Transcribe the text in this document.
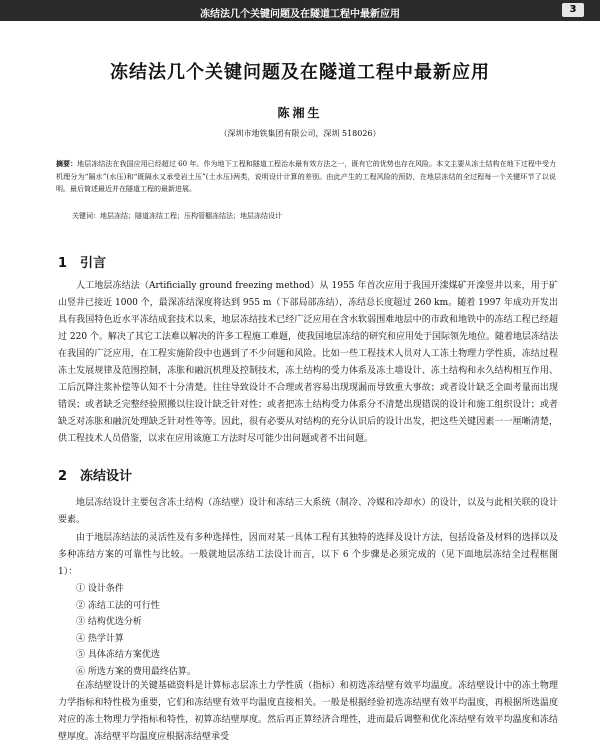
冻结法几个关键问题及在隧道工程中最新应用	3
冻结法几个关键问题及在隧道工程中最新应用
陈湘生
（深圳市地铁集团有限公司，深圳 518026）
摘要：地层冻结法在我国应用已经超过 60 年。作为地下工程和隧道工程治水最有效方法之一，既有它的优势也存在风险。本文主要从冻土结构在地下过程中受力机理分为“隔水”(水压)和“既隔水又承受岩土压”(土水压)两类，说明设计计算的差别。由此产生的工程风险的预防，在地层冻结的全过程每一个关键环节了以说明。最后简述最近并在隧道工程的最新进展。
关键词：地层冻结；隧道冻结工程；压构管棚冻结法；地层冻结设计
1 引言

人工地层冻结法（Artificially ground freezing method）从 1955 年首次应用于我国开滦煤矿开滦竖井以来，用于矿山竖井已接近 1000 个，最深冻结深度将达到 955 m（下部局部冻结），冻结总长度超过 260 km。随着 1997 年成功开发出具有我国特色近水平冻结成套技术以来，地层冻结技术已经广泛应用在含水软弱围难地层中的市政和地铁中的冻结工程已经超过 220 个。解决了其它工法难以解决的许多工程施工难题，使我国地层冻结的研究和应用处于国际领先地位。随着地层冻结法在我国的广泛应用，在工程实施阶段中也遇到了不少问题和风险。比如一些工程技术人员对人工冻土物理力学性质，冻结过程冻土发展规律及范围控制，冻胀和融沉机理及控制技术，冻土结构的受力体系及冻土墙设计、冻土结构和永久结构相互作用、工后沉降注浆补偿等认知不十分清楚。往往导致设计不合理或者容易出现现漏而导致重大事故；或者设计缺乏全面考量而出现错误；或者缺乏完整经验照搬以往设计缺乏针对性；或者把冻土结构受力体系分不清楚出现错误的设计和施工组织设计；或者缺乏对冻胀和融沉处理缺乏针对性等等。因此，很有必要从对结构的充分认识后的设计出发，把这些关键因素一一厘晰清楚，供工程技术人员借鉴，以求在应用该施工方法时尽可能少出问题或者不出问题。

2 冻结设计

地层冻结设计主要包含冻土结构（冻结壁）设计和冻结三大系统（制冷、冷媒和冷却水）的设计，以及与此相关联的设计要素。

由于地层冻结法的灵活性及有多种选择性，因而对某一具体工程有其独特的选择及设计方法，包括设备及材料的选择以及多种冻结方案的可靠性与比较。一般就地层冻结工法设计而言，以下 6 个步骤是必须完成的（见下面地层冻结全过程框图 1）：

① 设计条件
② 冻结工法的可行性
③ 结构优选分析
④ 热学计算
⑤ 具体冻结方案优选
⑥ 所选方案的费用最终估算。

在冻结壁设计的关键基础资料是计算标志层冻土力学性质（指标）和初选冻结壁有效平均温度。冻结壁设计中的冻土物理力学指标和特性极为重要，它们和冻结壁有效平均温度直接相关。一般是根据经验初选冻结壁有效平均温度，再根据所选温度对应的冻土物理力学指标和特性，初算冻结壁厚度。然后再正算经济合理性，进而最后调整和优化冻结壁有效平均温度和冻结壁厚度。冻结壁平均温度应根据冻结壁承受
